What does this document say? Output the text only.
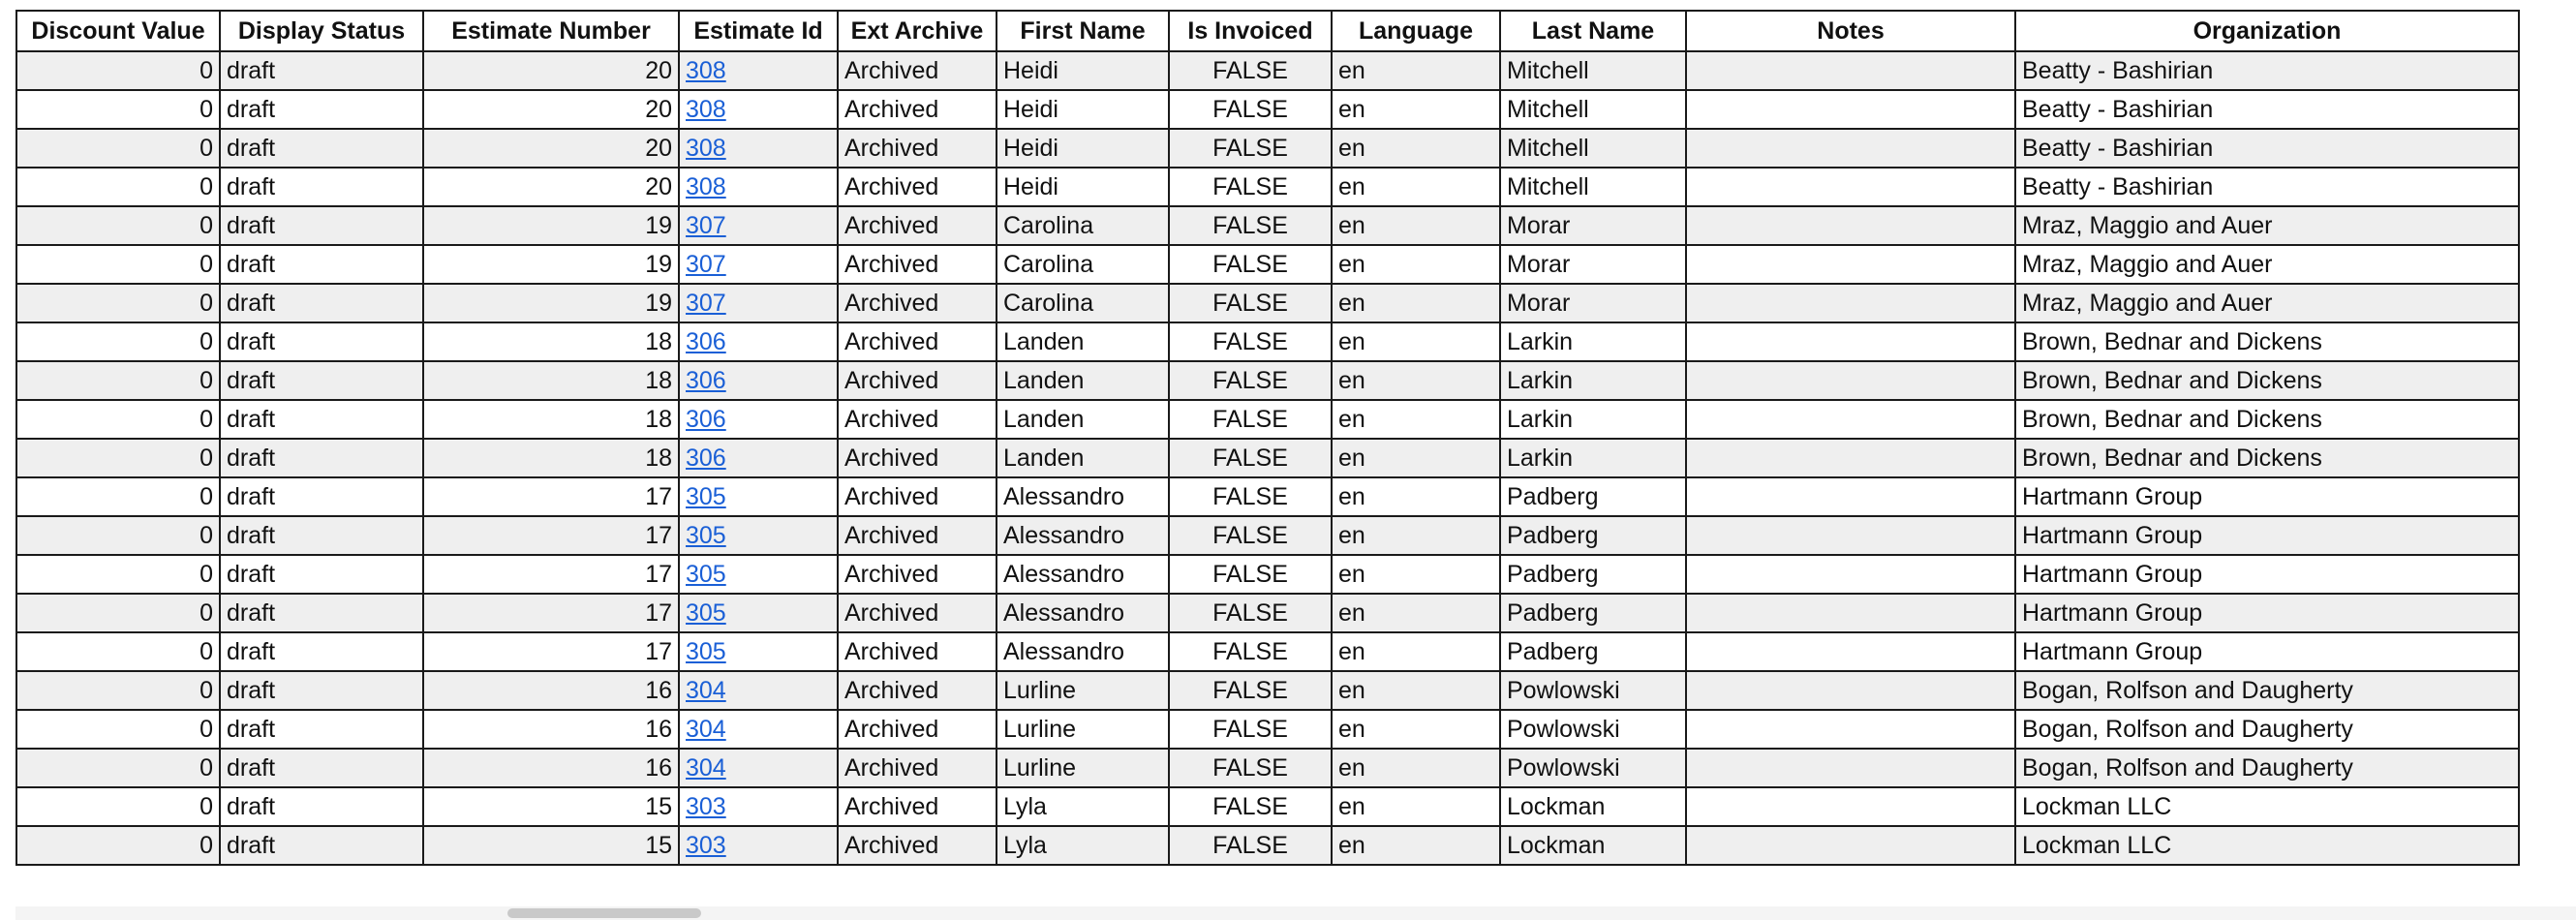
Discount Value	Display Status	Estimate Number	Estimate Id	Ext Archive	First Name	Is Invoiced	Language	Last Name	Notes	Organization
0	draft	20	308	Archived	Heidi	FALSE	en	Mitchell		Beatty - Bashirian
0	draft	20	308	Archived	Heidi	FALSE	en	Mitchell		Beatty - Bashirian
0	draft	20	308	Archived	Heidi	FALSE	en	Mitchell		Beatty - Bashirian
0	draft	20	308	Archived	Heidi	FALSE	en	Mitchell		Beatty - Bashirian
0	draft	19	307	Archived	Carolina	FALSE	en	Morar		Mraz, Maggio and Auer
0	draft	19	307	Archived	Carolina	FALSE	en	Morar		Mraz, Maggio and Auer
0	draft	19	307	Archived	Carolina	FALSE	en	Morar		Mraz, Maggio and Auer
0	draft	18	306	Archived	Landen	FALSE	en	Larkin		Brown, Bednar and Dickens
0	draft	18	306	Archived	Landen	FALSE	en	Larkin		Brown, Bednar and Dickens
0	draft	18	306	Archived	Landen	FALSE	en	Larkin		Brown, Bednar and Dickens
0	draft	18	306	Archived	Landen	FALSE	en	Larkin		Brown, Bednar and Dickens
0	draft	17	305	Archived	Alessandro	FALSE	en	Padberg		Hartmann Group
0	draft	17	305	Archived	Alessandro	FALSE	en	Padberg		Hartmann Group
0	draft	17	305	Archived	Alessandro	FALSE	en	Padberg		Hartmann Group
0	draft	17	305	Archived	Alessandro	FALSE	en	Padberg		Hartmann Group
0	draft	17	305	Archived	Alessandro	FALSE	en	Padberg		Hartmann Group
0	draft	16	304	Archived	Lurline	FALSE	en	Powlowski		Bogan, Rolfson and Daugherty
0	draft	16	304	Archived	Lurline	FALSE	en	Powlowski		Bogan, Rolfson and Daugherty
0	draft	16	304	Archived	Lurline	FALSE	en	Powlowski		Bogan, Rolfson and Daugherty
0	draft	15	303	Archived	Lyla	FALSE	en	Lockman		Lockman LLC
0	draft	15	303	Archived	Lyla	FALSE	en	Lockman		Lockman LLC
